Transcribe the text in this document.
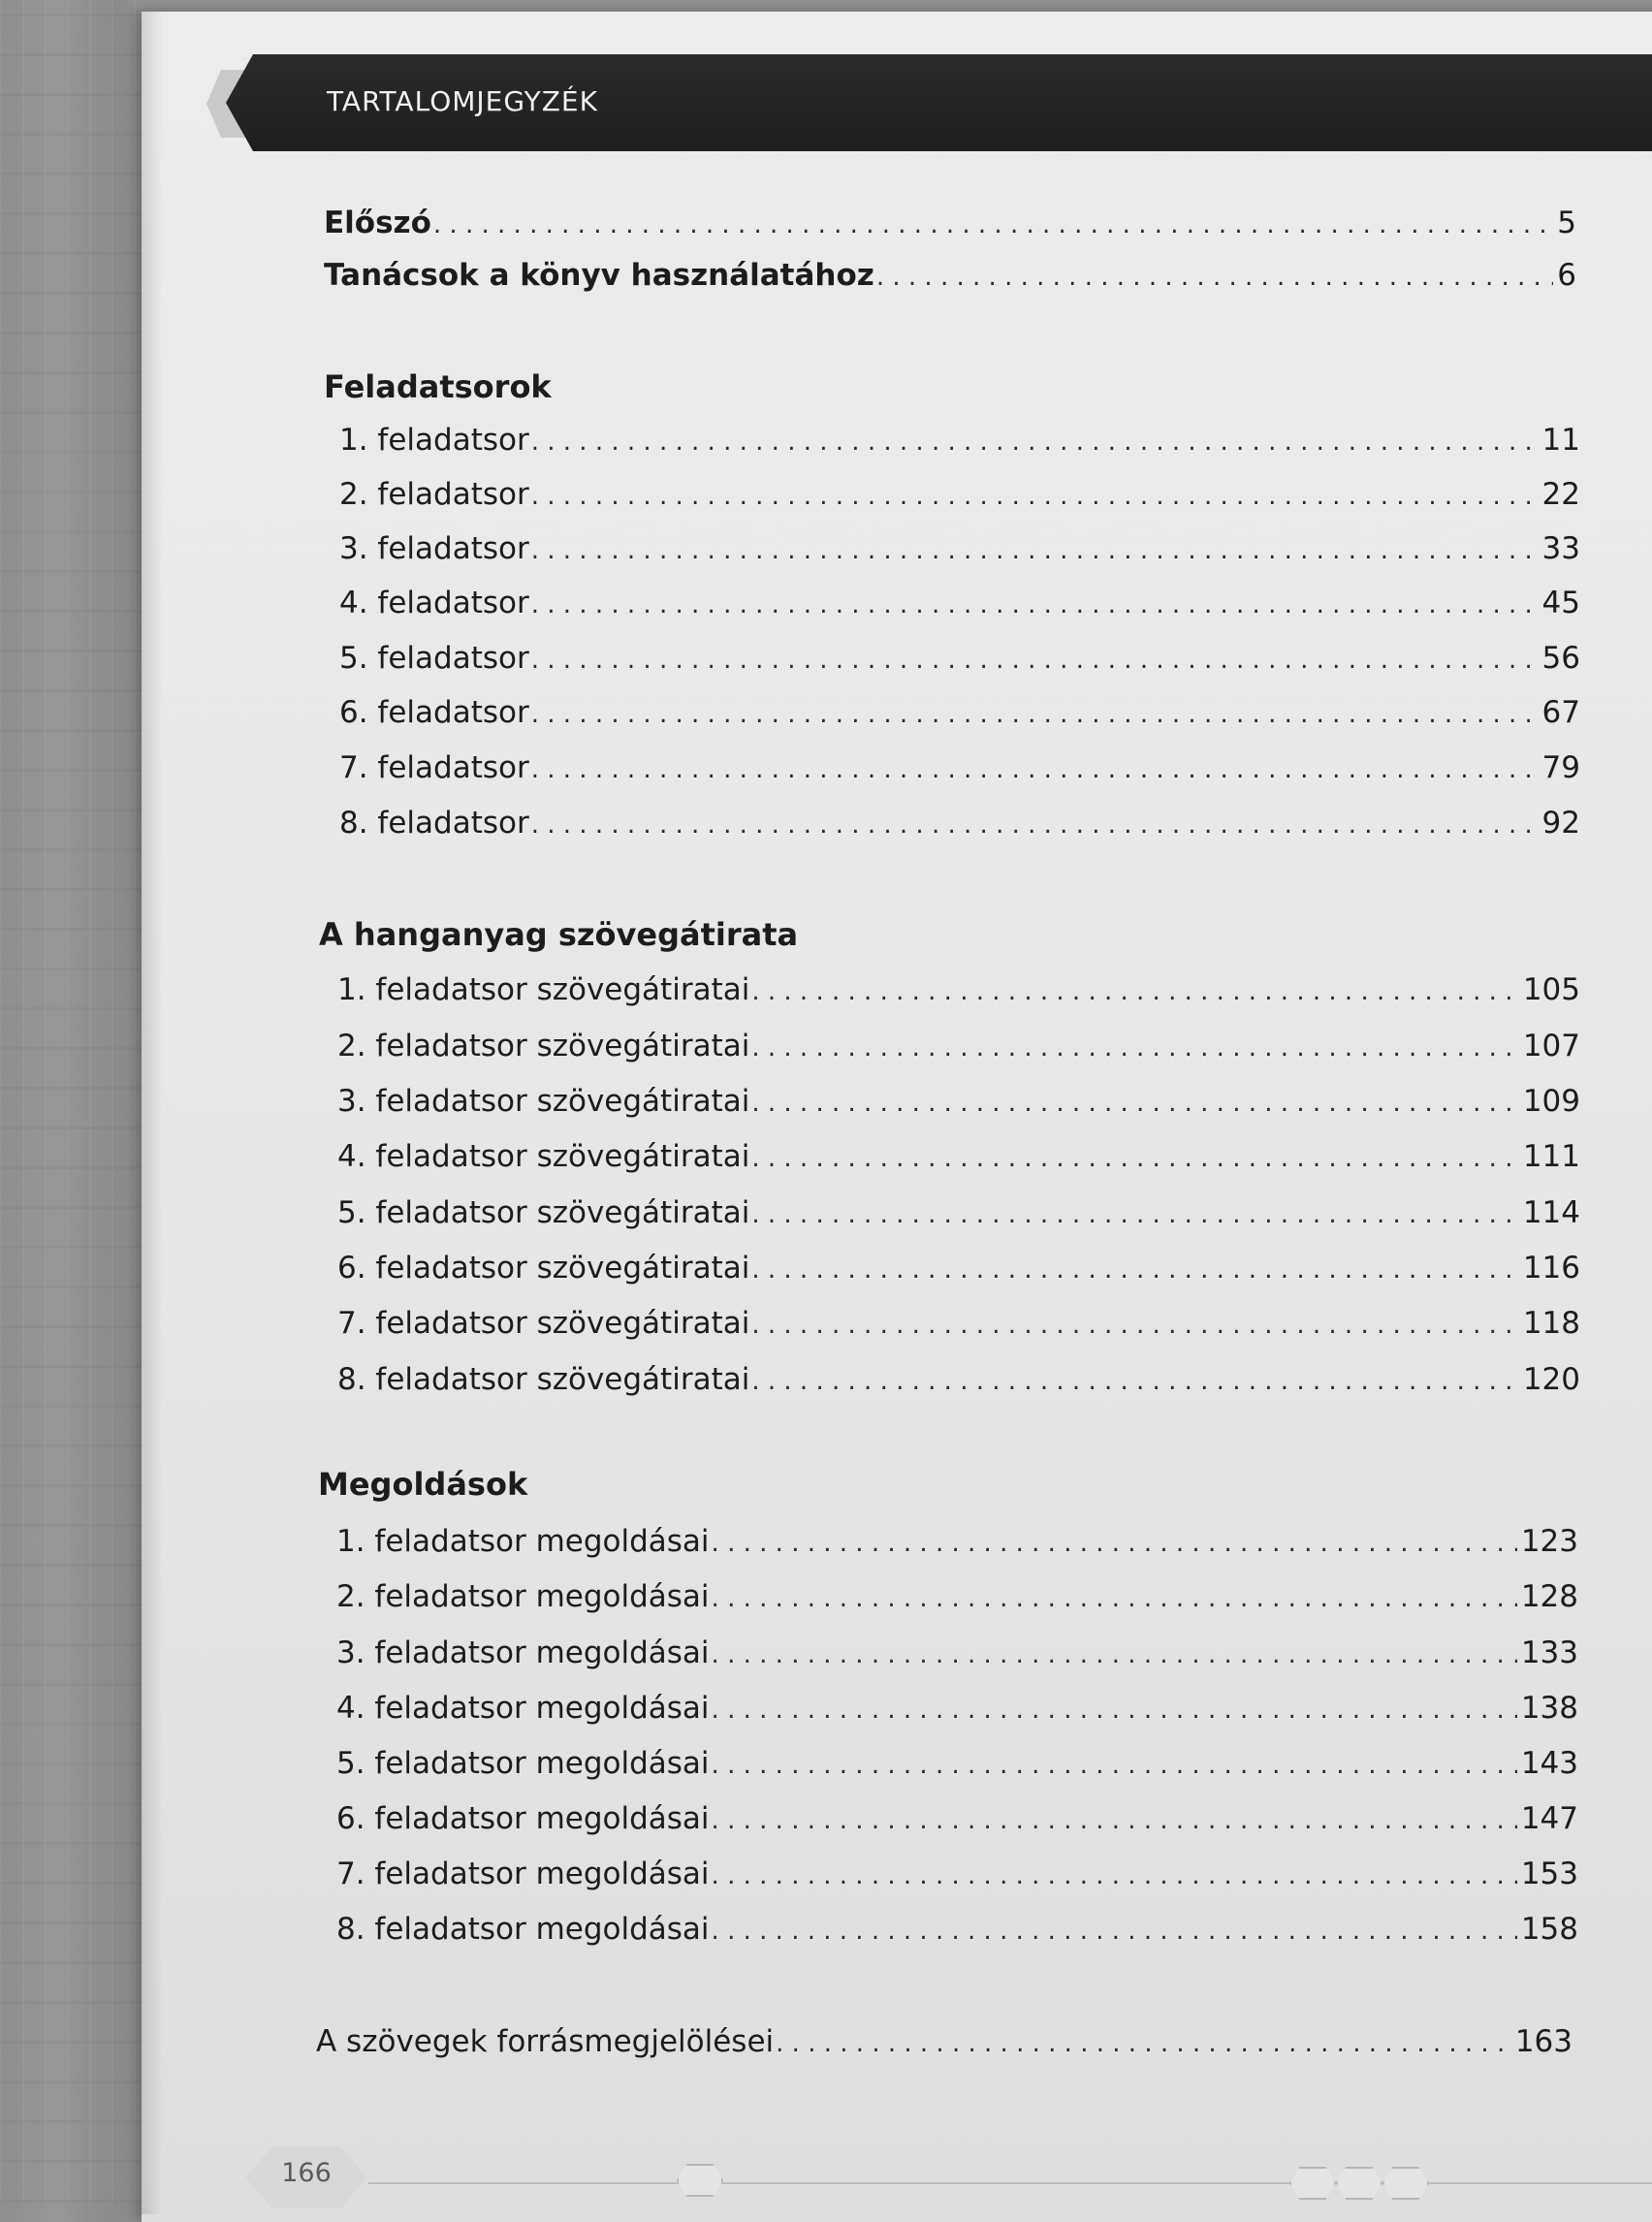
TARTALOMJEGYZÉK
Előszó . . .	5
Tanácsok a könyv használatához . . .	6
Feladatsorok
1. feladatsor . . .	11
2. feladatsor . . .	22
3. feladatsor . . .	33
4. feladatsor . . .	45
5. feladatsor . . .	56
6. feladatsor . . .	67
7. feladatsor . . .	79
8. feladatsor . . .	92
A hanganyag szövegátirata
1. feladatsor szövegátiratai . . .	105
2. feladatsor szövegátiratai . . .	107
3. feladatsor szövegátiratai . . .	109
4. feladatsor szövegátiratai . . .	111
5. feladatsor szövegátiratai . . .	114
6. feladatsor szövegátiratai . . .	116
7. feladatsor szövegátiratai . . .	118
8. feladatsor szövegátiratai . . .	120
Megoldások
1. feladatsor megoldásai . . .	123
2. feladatsor megoldásai . . .	128
3. feladatsor megoldásai . . .	133
4. feladatsor megoldásai . . .	138
5. feladatsor megoldásai . . .	143
6. feladatsor megoldásai . . .	147
7. feladatsor megoldásai . . .	153
8. feladatsor megoldásai . . .	158
A szövegek forrásmegjelölései . . .	163
166
